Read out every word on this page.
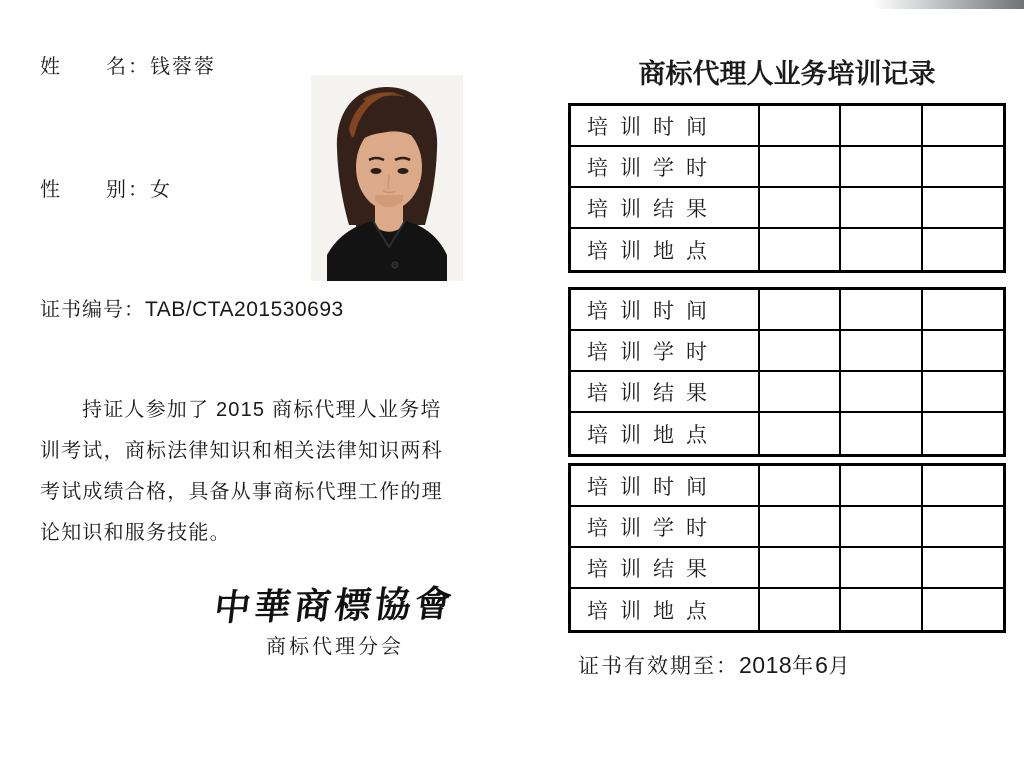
姓　　名：钱蓉蓉
性　　别：女
证书编号：TAB/CTA201530693
持证人参加了 2015 商标代理人业务培
训考试，商标法律知识和相关法律知识两科
考试成绩合格，具备从事商标代理工作的理
论知识和服务技能。
中華商標協會
商标代理分会
商标代理人业务培训记录
培训时间
培训学时
培训结果
培训地点
培训时间
培训学时
培训结果
培训地点
培训时间
培训学时
培训结果
培训地点
证书有效期至：2018年6月
